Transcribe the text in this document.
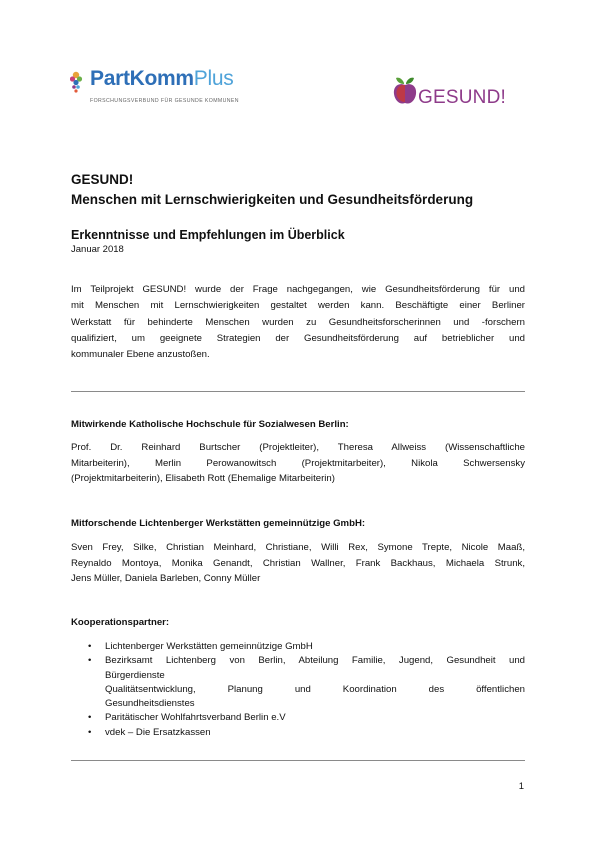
PartKommPlus
FORSCHUNGSVERBUND FÜR GESUNDE KOMMUNEN	GESUND!
GESUND!
Menschen mit Lernschwierigkeiten und Gesundheitsförderung
Erkenntnisse und Empfehlungen im Überblick
Januar 2018
Im Teilprojekt GESUND! wurde der Frage nachgegangen, wie Gesundheitsförderung für und
mit Menschen mit Lernschwierigkeiten gestaltet werden kann. Beschäftigte einer Berliner
Werkstatt für behinderte Menschen wurden zu Gesundheitsforscherinnen und -forschern
qualifiziert, um geeignete Strategien der Gesundheitsförderung auf betrieblicher und
kommunaler Ebene anzustoßen.
Mitwirkende Katholische Hochschule für Sozialwesen Berlin:
Prof. Dr. Reinhard Burtscher (Projektleiter), Theresa Allweiss (Wissenschaftliche
Mitarbeiterin), Merlin Perowanowitsch (Projektmitarbeiter), Nikola Schwersensky
(Projektmitarbeiterin), Elisabeth Rott (Ehemalige Mitarbeiterin)
Mitforschende Lichtenberger Werkstätten gemeinnützige GmbH:
Sven Frey, Silke, Christian Meinhard, Christiane, Willi Rex, Symone Trepte, Nicole Maaß,
Reynaldo Montoya, Monika Genandt, Christian Wallner, Frank Backhaus, Michaela Strunk,
Jens Müller, Daniela Barleben, Conny Müller
Kooperationspartner:
• Lichtenberger Werkstätten gemeinnützige GmbH
• Bezirksamt Lichtenberg von Berlin, Abteilung Familie, Jugend, Gesundheit und
Bürgerdienste
Qualitätsentwicklung, Planung und Koordination des öffentlichen
Gesundheitsdienstes
• Paritätischer Wohlfahrtsverband Berlin e.V
• vdek – Die Ersatzkassen
1
